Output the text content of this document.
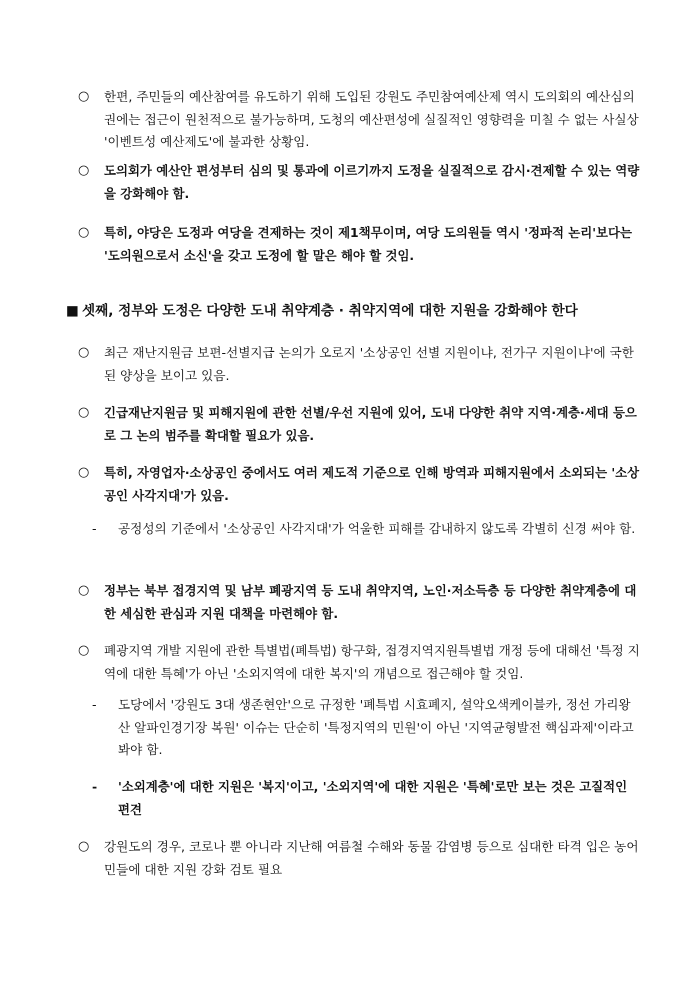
○ 한편, 주민들의 예산참여를 유도하기 위해 도입된 강원도 주민참여예산제 역시 도의회의 예산심의권에는 접근이 원천적으로 불가능하며, 도청의 예산편성에 실질적인 영향력을 미칠 수 없는 사실상 '이벤트성 예산제도'에 불과한 상황임.
○ 도의회가 예산안 편성부터 심의 및 통과에 이르기까지 도정을 실질적으로 감시·견제할 수 있는 역량을 강화해야 함.
○ 특히, 야당은 도정과 여당을 견제하는 것이 제1책무이며, 여당 도의원들 역시 '정파적 논리'보다는 '도의원으로서 소신'을 갖고 도정에 할 말은 해야 할 것임.
■ 셋째, 정부와 도정은 다양한 도내 취약계층 · 취약지역에 대한 지원을 강화해야 한다
○ 최근 재난지원금 보편-선별지급 논의가 오로지 '소상공인 선별 지원이냐, 전가구 지원이냐'에 국한된 양상을 보이고 있음.
○ 긴급재난지원금 및 피해지원에 관한 선별/우선 지원에 있어, 도내 다양한 취약 지역·계층·세대 등으로 그 논의 범주를 확대할 필요가 있음.
○ 특히, 자영업자·소상공인 중에서도 여러 제도적 기준으로 인해 방역과 피해지원에서 소외되는 '소상공인 사각지대'가 있음.
- 공정성의 기준에서 '소상공인 사각지대'가 억울한 피해를 감내하지 않도록 각별히 신경 써야 함.
○ 정부는 북부 접경지역 및 남부 폐광지역 등 도내 취약지역, 노인·저소득층 등 다양한 취약계층에 대한 세심한 관심과 지원 대책을 마련해야 함.
○ 폐광지역 개발 지원에 관한 특별법(폐특법) 항구화, 접경지역지원특별법 개정 등에 대해선 '특정 지역에 대한 특혜'가 아닌 '소외지역에 대한 복지'의 개념으로 접근해야 할 것임.
- 도당에서 '강원도 3대 생존현안'으로 규정한 '폐특법 시효폐지, 설악오색케이블카, 정선 가리왕산 알파인경기장 복원' 이슈는 단순히 '특정지역의 민원'이 아닌 '지역균형발전 핵심과제'이라고 봐야 함.
- '소외계층'에 대한 지원은 '복지'이고, '소외지역'에 대한 지원은 '특혜'로만 보는 것은 고질적인 편견
○ 강원도의 경우, 코로나 뿐 아니라 지난해 여름철 수해와 동물 감염병 등으로 심대한 타격 입은 농어민들에 대한 지원 강화 검토 필요
